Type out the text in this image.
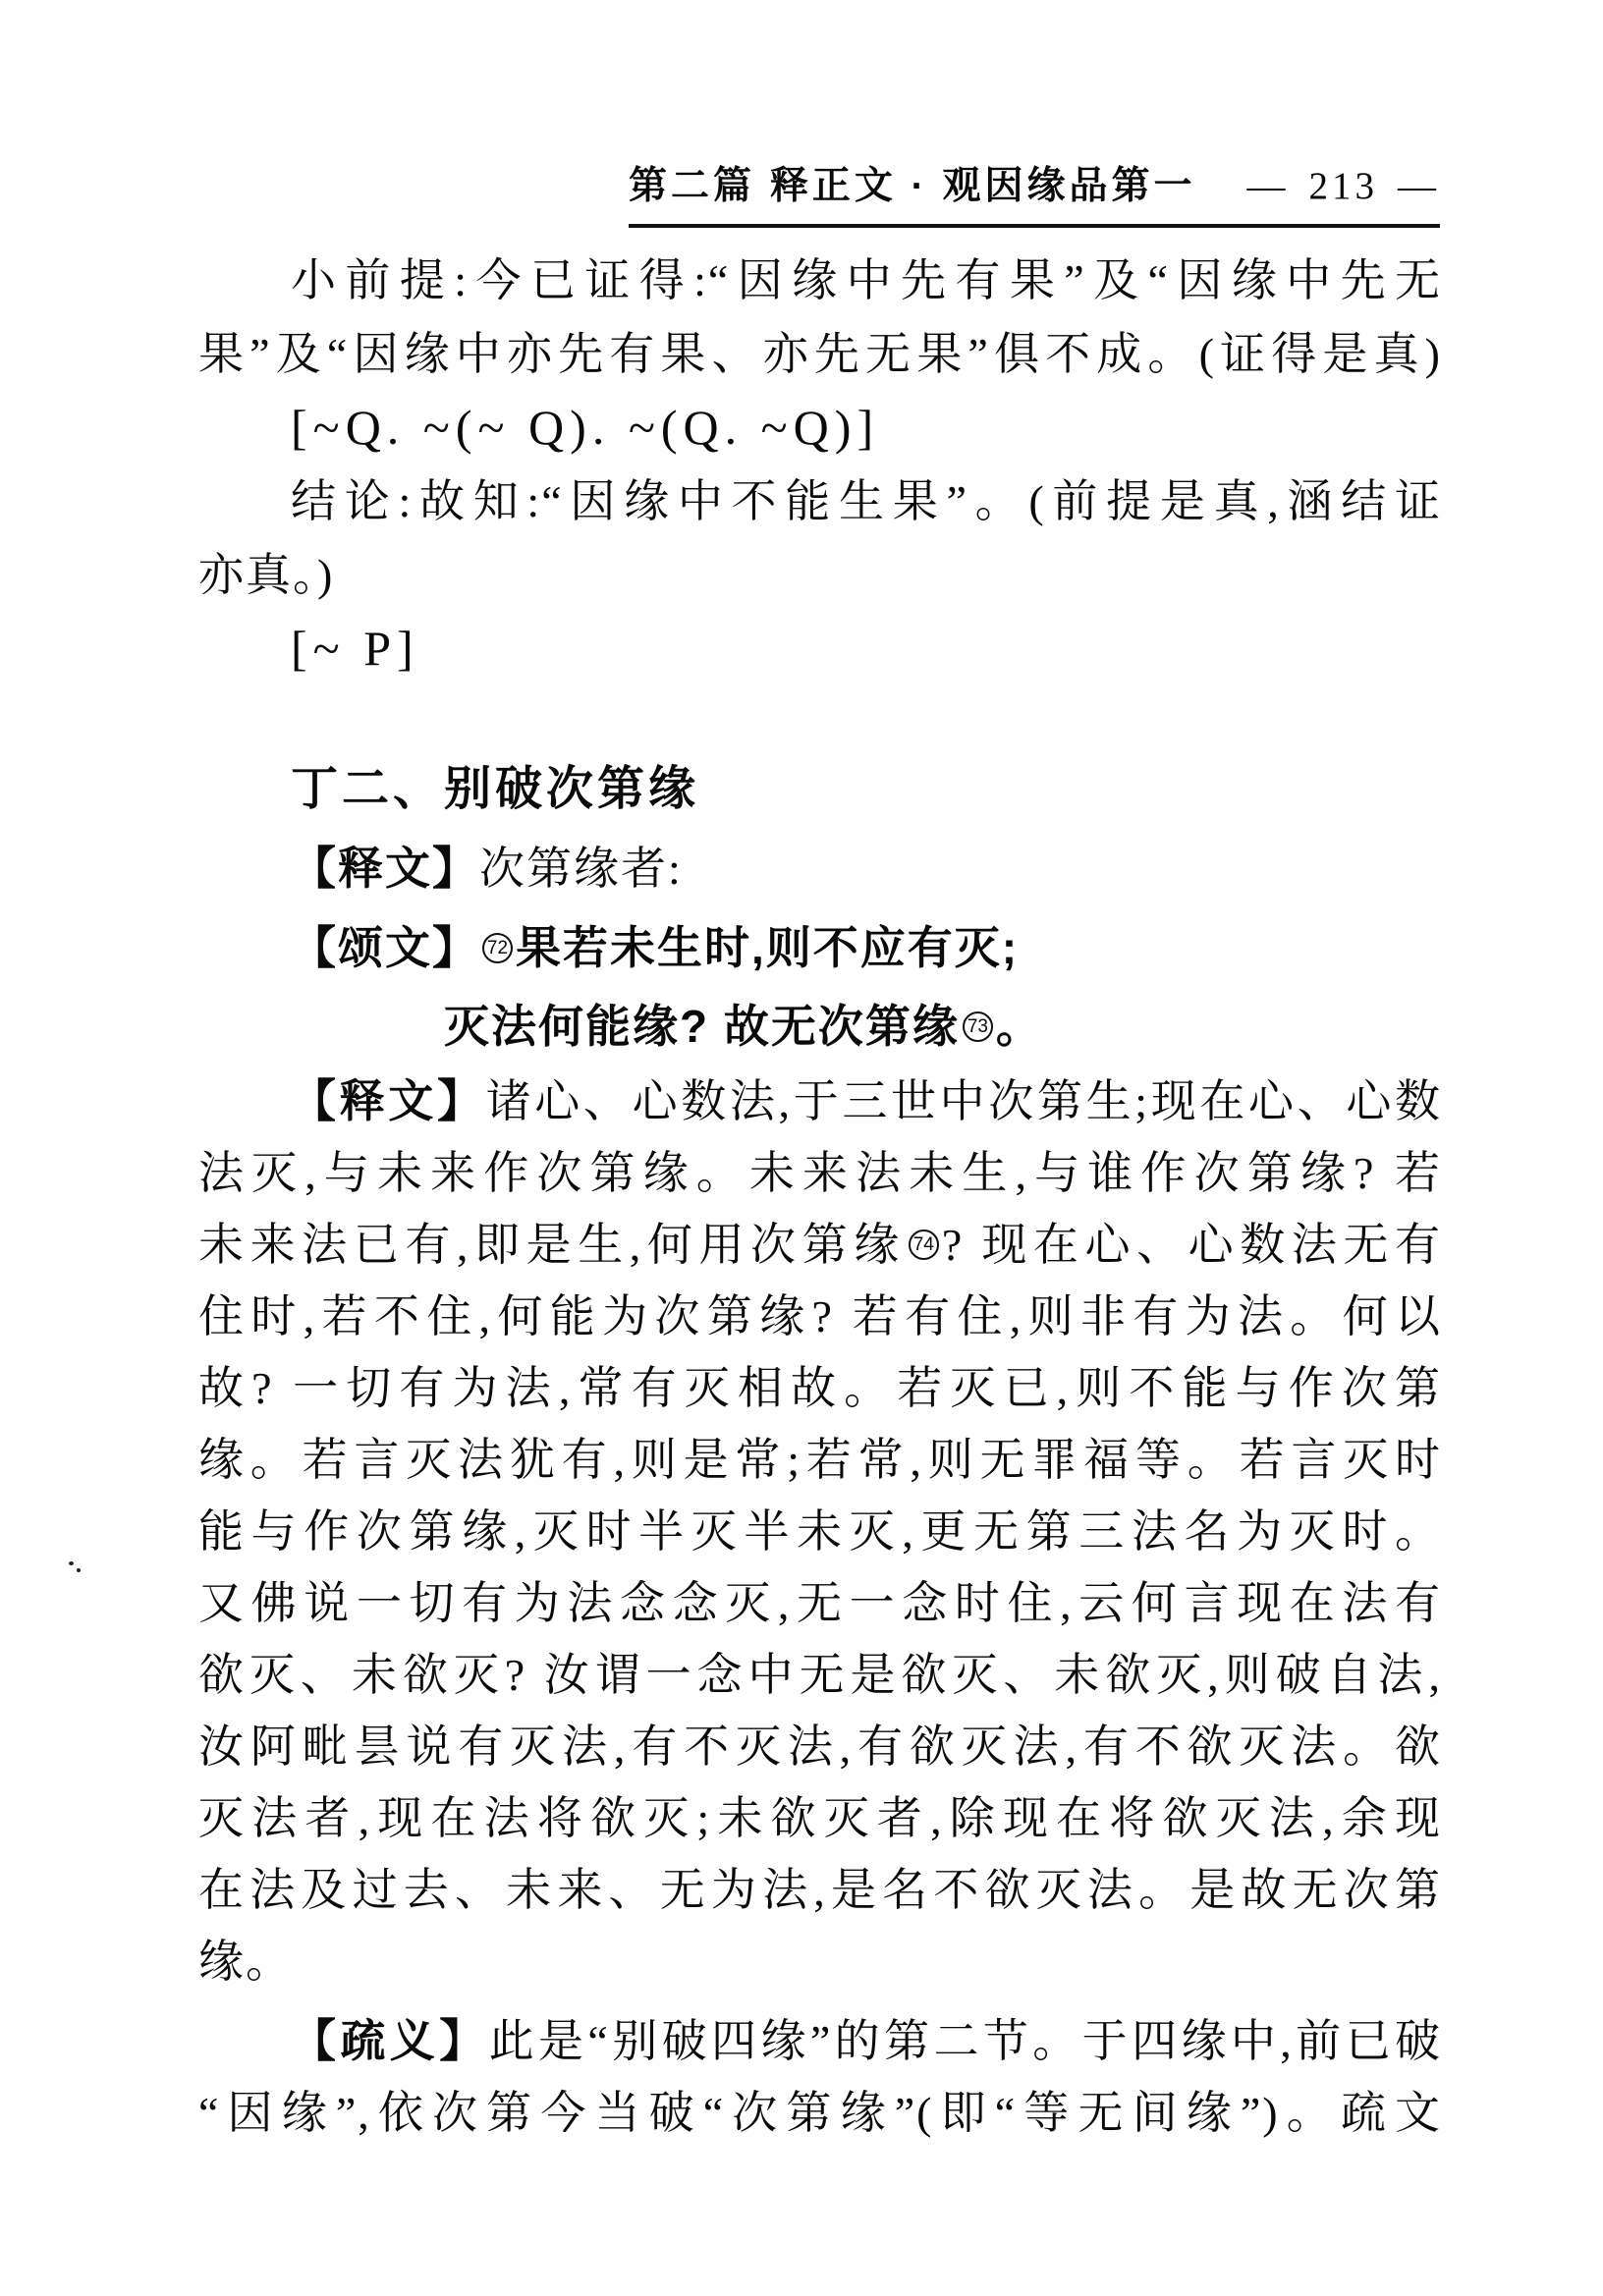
第二篇 释正文 · 观因缘品第一 — 213 —
小前提:今已证得:“因缘中先有果”及“因缘中先无
果”及“因缘中亦先有果、亦先无果”俱不成。(证得是真)
[~Q. ~(~ Q). ~(Q. ~Q)]
结论:故知:“因缘中不能生果”。(前提是真,涵结证
亦真。)
[~ P]
丁二、别破次第缘
【释文】次第缘者:
【颂文】 72 果若未生时,则不应有灭;
灭法何能缘? 故无次第缘 73 。
【释文】诸心、心数法,于三世中次第生;现在心、心数
法灭,与未来作次第缘。未来法未生,与谁作次第缘? 若
未来法已有,即是生,何用次第缘 74 ? 现在心、心数法无有
住时,若不住,何能为次第缘? 若有住,则非有为法。何以
故? 一切有为法,常有灭相故。若灭已,则不能与作次第
缘。若言灭法犹有,则是常;若常,则无罪福等。若言灭时
能与作次第缘,灭时半灭半未灭,更无第三法名为灭时。
又佛说一切有为法念念灭,无一念时住,云何言现在法有
欲灭、未欲灭? 汝谓一念中无是欲灭、未欲灭,则破自法,
汝阿毗昙说有灭法,有不灭法,有欲灭法,有不欲灭法。欲
灭法者,现在法将欲灭;未欲灭者,除现在将欲灭法,余现
在法及过去、未来、无为法,是名不欲灭法。是故无次第
缘。
【疏义】此是“别破四缘”的第二节。于四缘中,前已破
“因缘”,依次第今当破“次第缘”(即“等无间缘”)。疏文
